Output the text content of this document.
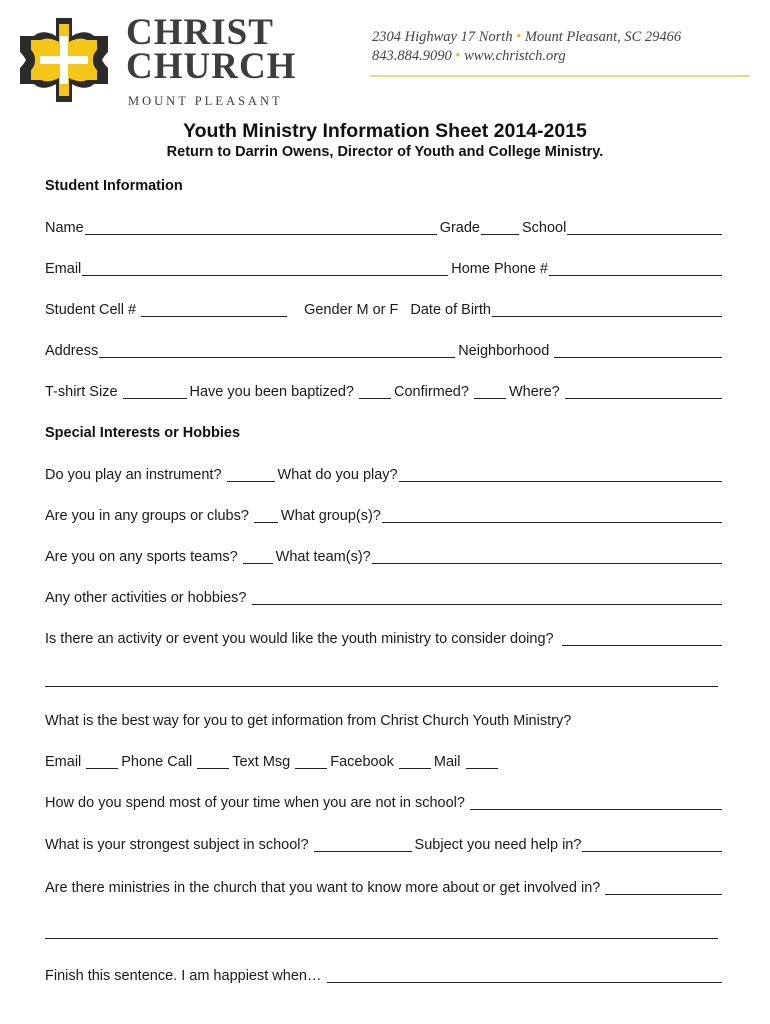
CHRIST
CHURCH
MOUNT PLEASANT
2304 Highway 17 North • Mount Pleasant, SC 29466
843.884.9090 • www.christch.org
Youth Ministry Information Sheet 2014-2015
Return to Darrin Owens, Director of Youth and College Ministry.
Student Information
Name	Grade	School
Email	Home Phone #
Student Cell #	Gender M or F Date of Birth
Address	Neighborhood
T-shirt Size	Have you been baptized?	Confirmed?	Where?
Special Interests or Hobbies
Do you play an instrument?	What do you play?
Are you in any groups or clubs? What group(s)?
Are you on any sports teams?	What team(s)?
Any other activities or hobbies?
Is there an activity or event you would like the youth ministry to consider doing?
What is the best way for you to get information from Christ Church Youth Ministry?
Email	Phone Call	Text Msg	Facebook	Mail
How do you spend most of your time when you are not in school?
What is your strongest subject in school?	Subject you need help in?
Are there ministries in the church that you want to know more about or get involved in?
Finish this sentence. I am happiest when…
